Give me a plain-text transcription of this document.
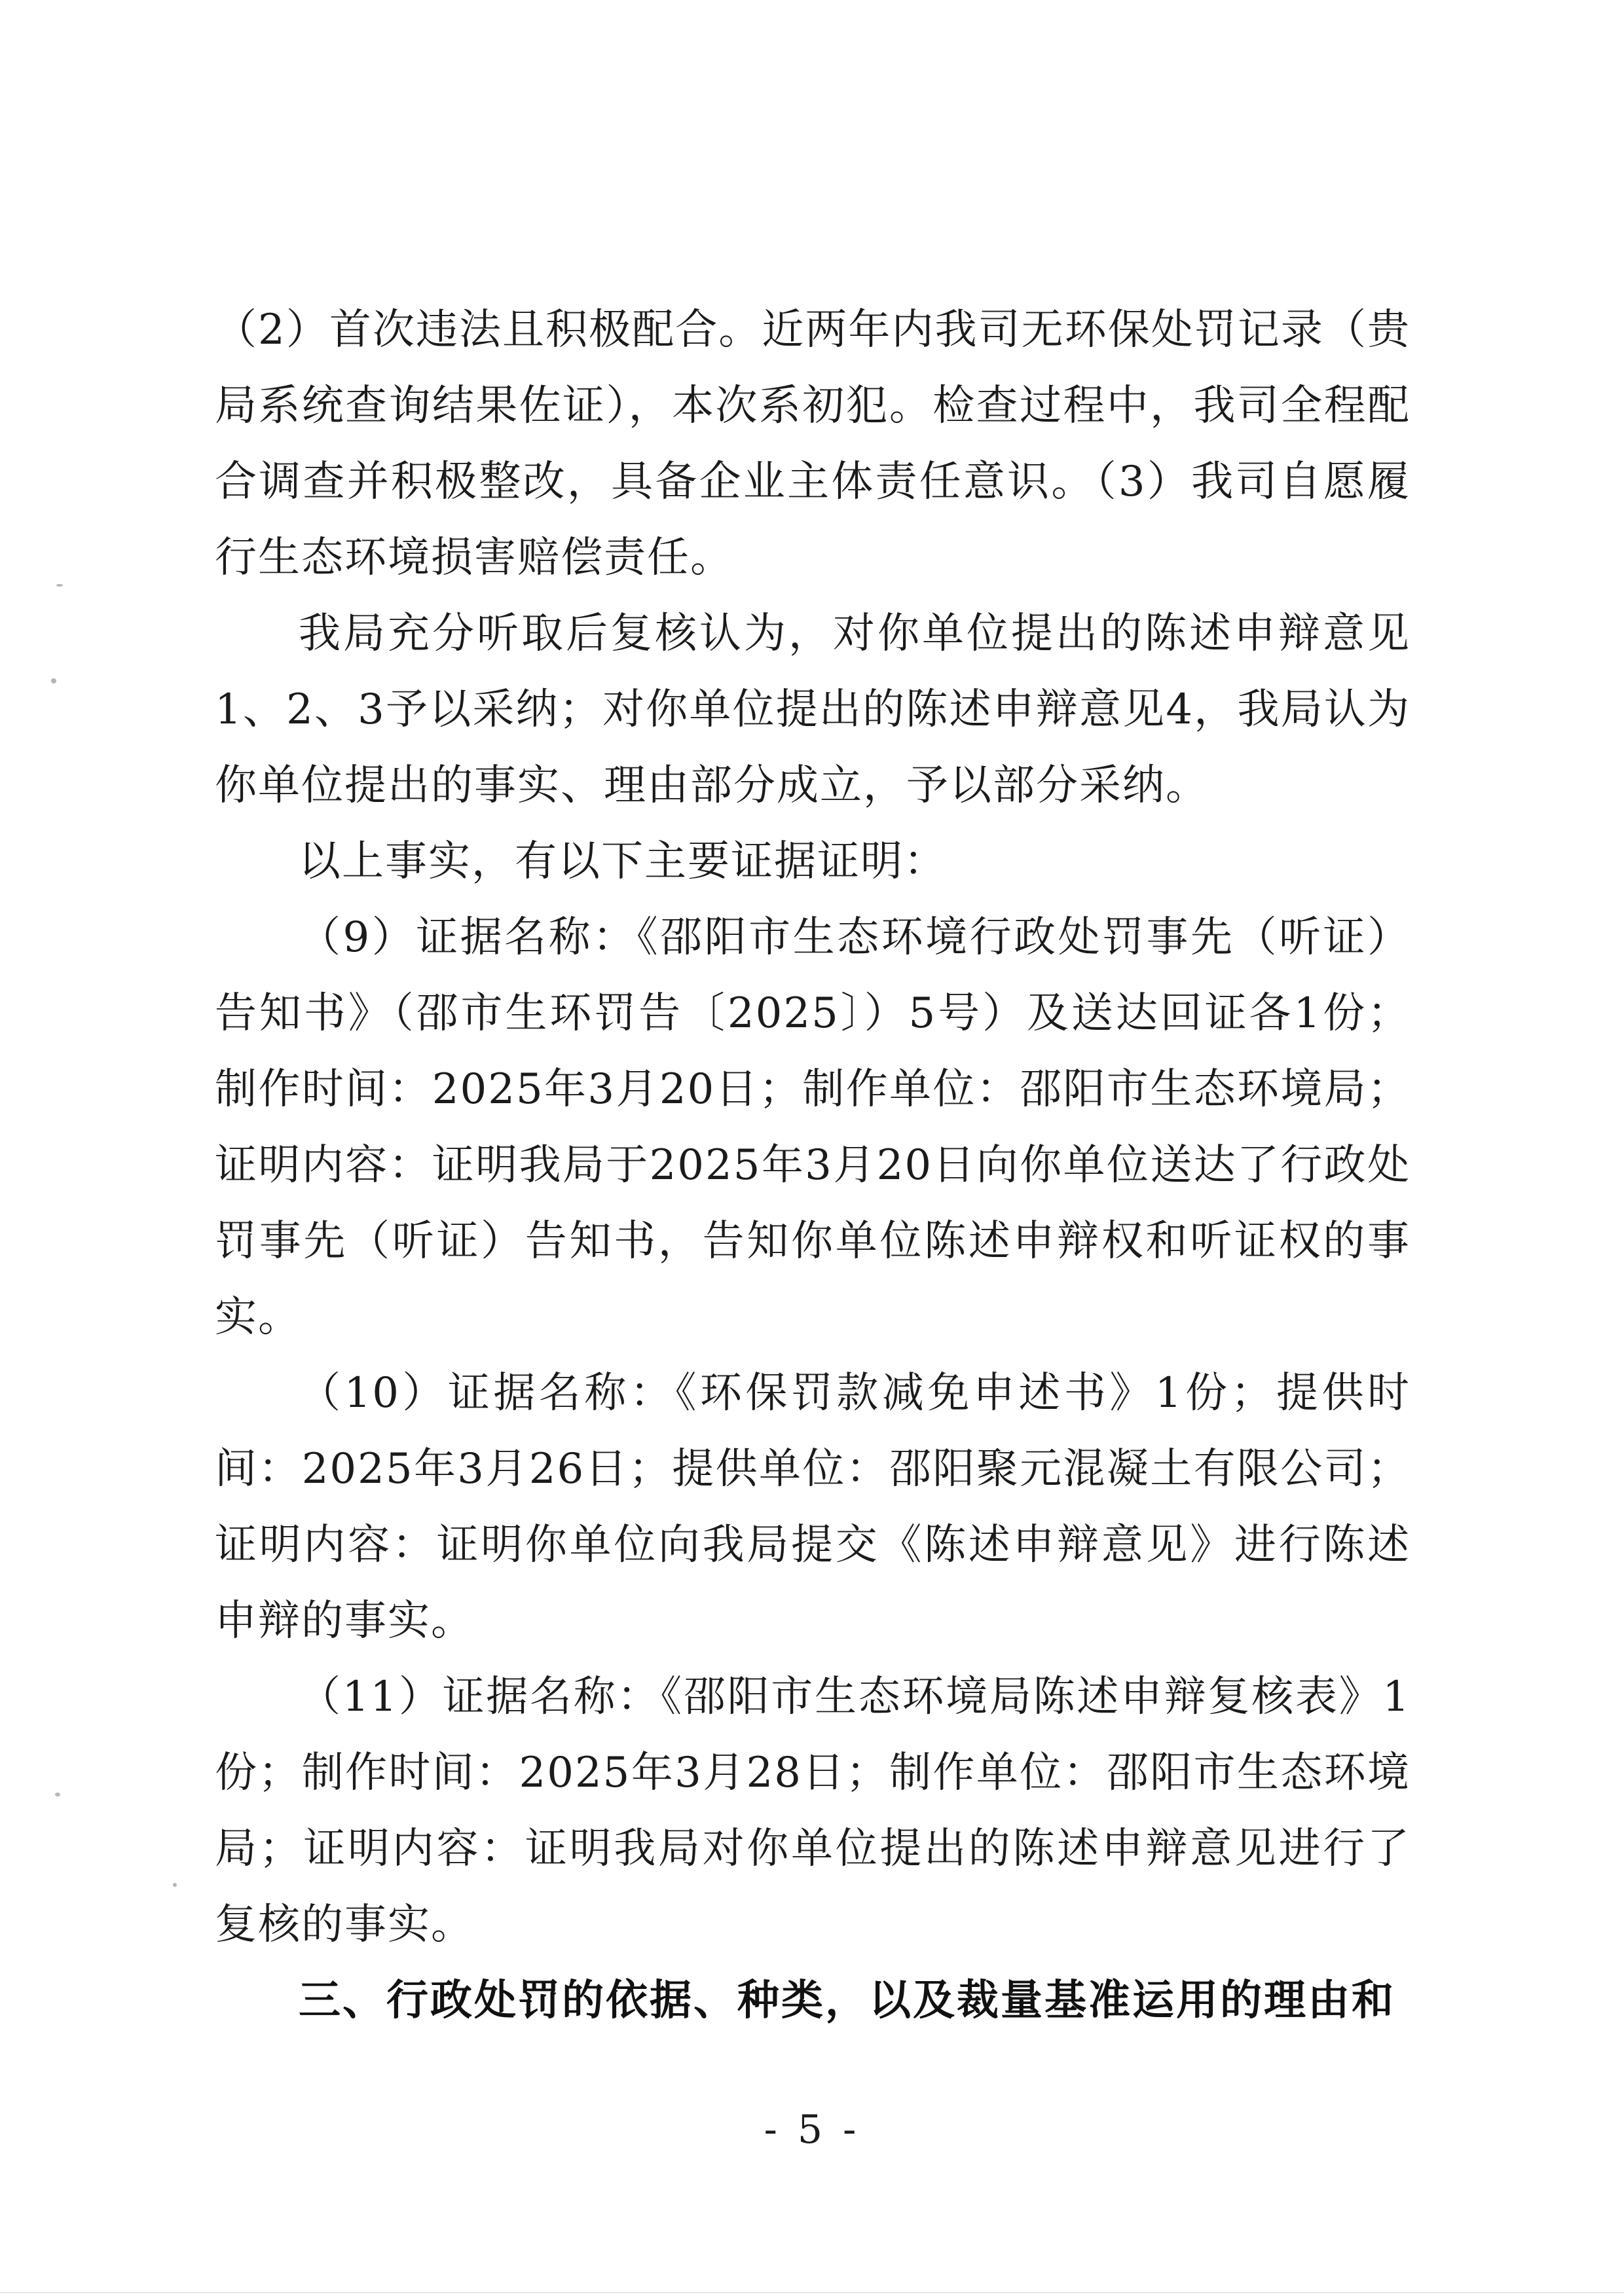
（2）首次违法且积极配合。近两年内我司无环保处罚记录（贵局系统查询结果佐证），本次系初犯。检查过程中，我司全程配合调查并积极整改，具备企业主体责任意识。（3）我司自愿履行生态环境损害赔偿责任。

我局充分听取后复核认为，对你单位提出的陈述申辩意见1、2、3予以采纳；对你单位提出的陈述申辩意见4，我局认为你单位提出的事实、理由部分成立，予以部分采纳。

以上事实，有以下主要证据证明：

（9）证据名称：《邵阳市生态环境行政处罚事先（听证）告知书》（邵市生环罚告〔2025〕）5号）及送达回证各1份；制作时间：2025年3月20日；制作单位：邵阳市生态环境局；证明内容：证明我局于2025年3月20日向你单位送达了行政处罚事先（听证）告知书，告知你单位陈述申辩权和听证权的事实。

（10）证据名称：《环保罚款减免申述书》1份；提供时间：2025年3月26日；提供单位：邵阳聚元混凝土有限公司；证明内容：证明你单位向我局提交《陈述申辩意见》进行陈述申辩的事实。

（11）证据名称：《邵阳市生态环境局陈述申辩复核表》1份；制作时间：2025年3月28日；制作单位：邵阳市生态环境局；证明内容：证明我局对你单位提出的陈述申辩意见进行了复核的事实。

三、行政处罚的依据、种类，以及裁量基准运用的理由和

- 5 -
